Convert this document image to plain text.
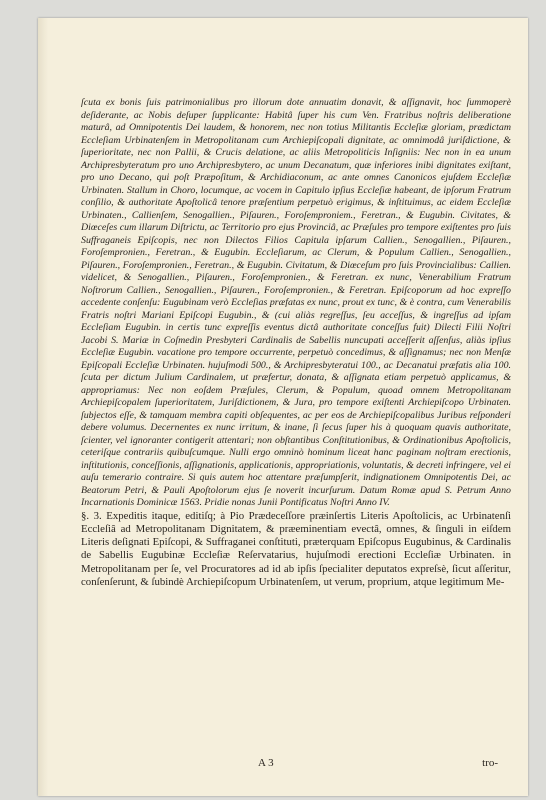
ſcuta ex bonis ſuis patrimonialibus pro illorum dote annuatim donavit, & aſſignavit, hoc ſummoperè deſiderante, ac Nobis deſuper ſupplicante: Habitâ ſuper his cum Ven. Fratribus noſtris deliberatione maturâ, ad Omnipotentis Dei laudem, & honorem, nec non totius Militantis Eccleſiæ gloriam, prædictam Eccleſiam Urbinatenſem in Metropolitanam cum Archiepiſcopali dignitate, ac omnimodâ juriſdictione, & ſuperioritate, nec non Pallii, & Crucis delatione, ac aliis Metropoliticis Inſigniis: Nec non in ea unum Archipresbyteratum pro uno Archipresbytero, ac unum Decanatum, quæ inferiores inibi dignitates exiſtant, pro uno Decano, qui poſt Præpoſitum, & Archidiaconum, ac ante omnes Canonicos ejuſdem Eccleſiæ Urbinaten. Stallum in Choro, locumque, ac vocem in Capitulo ipſius Eccleſiæ habeant, de ipſorum Fratrum conſilio, & authoritate Apoſtolicâ tenore præſentium perpetuò erigimus, & inſtituimus, ac eidem Eccleſiæ Urbinaten., Callienſem, Senogallien., Piſauren., Foroſemproniem., Feretran., & Eugubin. Civitates, & Diœceſes cum illarum Diſtrictu, ac Territorio pro ejus Provinciâ, ac Præſules pro tempore exiſtentes pro ſuis Suffraganeis Epiſcopis, nec non Dilectos Filios Capitula ipſarum Callien., Senogallien., Piſauren., Foroſempronien., Feretran., & Eugubin. Eccleſiarum, ac Clerum, & Populum Callien., Senogallien., Piſauren., Foroſempronien., Feretran., & Eugubin. Civitatum, & Diœceſum pro ſuis Provincialibus: Callien. videlicet, & Senogallien., Piſauren., Foroſempronien., & Feretran. ex nunc, Venerabilium Fratrum Noſtrorum Callien., Senogallien., Piſauren., Foroſempronien., & Feretran. Epiſcoporum ad hoc expreſſo accedente conſenſu: Eugubinam verò Eccleſias præfatas ex nunc, prout ex tunc, & è contra, cum Venerabilis Fratris noſtri Mariani Epiſcopi Eugubin., & (cui aliàs regreſſus, ſeu acceſſus, & ingreſſus ad ipſam Eccleſiam Eugubin. in certis tunc expreſſis eventus dictâ authoritate conceſſus fuit) Dilecti Filii Noſtri Jacobi S. Mariæ in Coſmedin Presbyteri Cardinalis de Sabellis nuncupati acceſſerit aſſenſus, aliàs ipſius Eccleſiæ Eugubin. vacatione pro tempore occurrente, perpetuò concedimus, & aſſignamus; nec non Menſæ Epiſcopali Eccleſiæ Urbinaten. hujuſmodi 500., & Archipresbyteratui 100., ac Decanatui præfatis alia 100. ſcuta per dictum Julium Cardinalem, ut præfertur, donata, & aſſignata etiam perpetuò applicamus, & appropriamus: Nec non eoſdem Præſules, Clerum, & Populum, quoad omnem Metropolitanam Archiepiſcopalem ſuperioritatem, Juriſdictionem, & Jura, pro tempore exiſtenti Archiepiſcopo Urbinaten. ſubjectos eſſe, & tamquam membra capiti obſequentes, ac per eos de Archiepiſcopalibus Juribus reſponderi debere volumus. Decernentes ex nunc irritum, & inane, ſi ſecus ſuper his à quoquam quavis authoritate, ſcienter, vel ignoranter contigerit attentari; non obſtantibus Conſtitutionibus, & Ordinationibus Apoſtolicis, ceteriſque contrariis quibuſcumque. Nulli ergo omninò hominum liceat hanc paginam noſtram erectionis, inſtitutionis, conceſſionis, aſſignationis, applicationis, appropriationis, voluntatis, & decreti infringere, vel ei auſu temerario contraire. Si quis autem hoc attentare præſumpſerit, indignationem Omnipotentis Dei, ac Beatorum Petri, & Pauli Apoſtolorum ejus ſe noverit incurſurum. Datum Romæ apud S. Petrum Anno Incarnationis Dominicæ 1563. Pridie nonas Junii Pontificatus Noſtri Anno IV.

§. 3. Expeditis itaque, editiſq; à Pio Prædeceſſore præinſertis Literis Apoſtolicis, ac Urbinatenſi Eccleſiâ ad Metropolitanam Dignitatem, & præeminentiam evectâ, omnes, & ſinguli in eiſdem Literis deſignati Epiſcopi, & Suffraganei conſtituti, præterquam Epiſcopus Eugubinus, & Cardinalis de Sabellis Eugubinæ Eccleſiæ Reſervatarius, hujuſmodi erectioni Eccleſiæ Urbinaten. in Metropolitanam per ſe, vel Procuratores ad id ab ipſis ſpecialiter deputatos expreſsè, ſicut aſſeritur, conſenſerunt, & ſubindè Archiepiſcopum Urbinatenſem, ut verum, proprium, atque legitimum Me-

A 3	tro-
